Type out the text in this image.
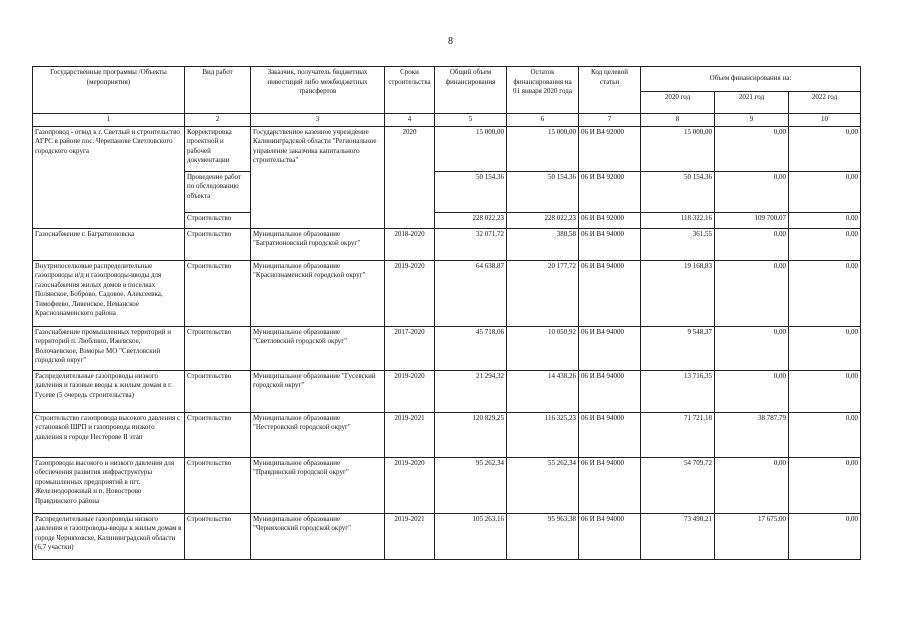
8
Государственные программы /Объекты (мероприятия)	Вид работ	Заказчик, получатель бюджетных инвестиций либо межбюджетных трансфертов	Сроки строительства	Общий объем финансирования	Остаток финансирования на 01 января 2020 года	Код целевой статьи	Объем финансирования на:		
							2020 год	2021 год	2022 год
1	2	3	4	5	6	7	8	9	10
Газопровод - отвод к г. Светлый и строительство АГРС в районе пос. Черепанове Светловского городского округа	Корректировка проектной и рабочей документации	Государственное казенное учреждение Калининградской области "Региональное управление заказчика капитального строительства"	2020	15 000,00	15 000,00	06 И В4 92000	15 000,00	0,00	0,00
	Проведение работ по обследованию объекта			50 154,36	50 154,36	06 И В4 92000	50 154,36	0,00	0,00
	Строительство			228 022,23	228 022,23	06 И В4 92000	118 322,16	109 700,07	0,00
Газоснабжение г. Багратионовска	Строительство	Муниципальное образование "Багратионовский городской округ"	2018-2020	32 071,72	380,58	06 И В4 94000	361,55	0,00	0,00
Внутрипоселковые распределительные газопроводы н/д и газопроводы-вводы для газоснабжения жилых домов в поселках Полянское, Боброво, Садовое, Алексеевка, Тимофеево, Ливенское, Неманское Краснознаменского района	Строительство	Муниципальное образование "Краснознаменский городской округ"	2019-2020	64 638,87	20 177,72	06 И В4 94000	19 168,83	0,00	0,00
Газоснабжение промышленных территорий и территорий п. Люблино, Ижевское, Волочаевское, Взморье МО "Светловский городской округ"	Строительство	Муниципальное образование "Светловский городской округ"	2017-2020	45 718,06	10 050,92	06 И В4 94000	9 548,37	0,00	0,00
Распределительные газопроводы низкого давления и газовые вводы к жилым домам в г. Гусеве (5 очередь строительства)	Строительство	Муниципальное образование "Гусевский городской округ"	2019-2020	21 294,32	14 438,26	06 И В4 94000	13 716,35	0,00	0,00
Строительство газопровода высокого давления с установкой ШРП и газопровода низкого давления в городе Нестерове II этап	Строительство	Муниципальное образование "Нестеровский городской округ"	2019-2021	120 829,25	116 325,23	06 И В4 94000	71 721,18	38 787,79	0,00
Газопроводы высокого и низкого давления для обеспечения развития инфраструктуры промышленных предприятий в пгт. Железнодорожный и п. Новострово Правдинского района	Строительство	Муниципальное образование "Правдинский городской округ"	2019-2020	95 262,34	55 262,34	06 И В4 94000	54 709,72	0,00	0,00
Распределительные газопроводы низкого давления и газопроводы-вводы к жилым домам в городе Черняховске, Калининградской области (6,7 участки)	Строительство	Муниципальное образование "Черняховский городской округ"	2019-2021	105 263,16	95 963,38	06 И В4 94000	73 490,21	17 675,00	0,00
